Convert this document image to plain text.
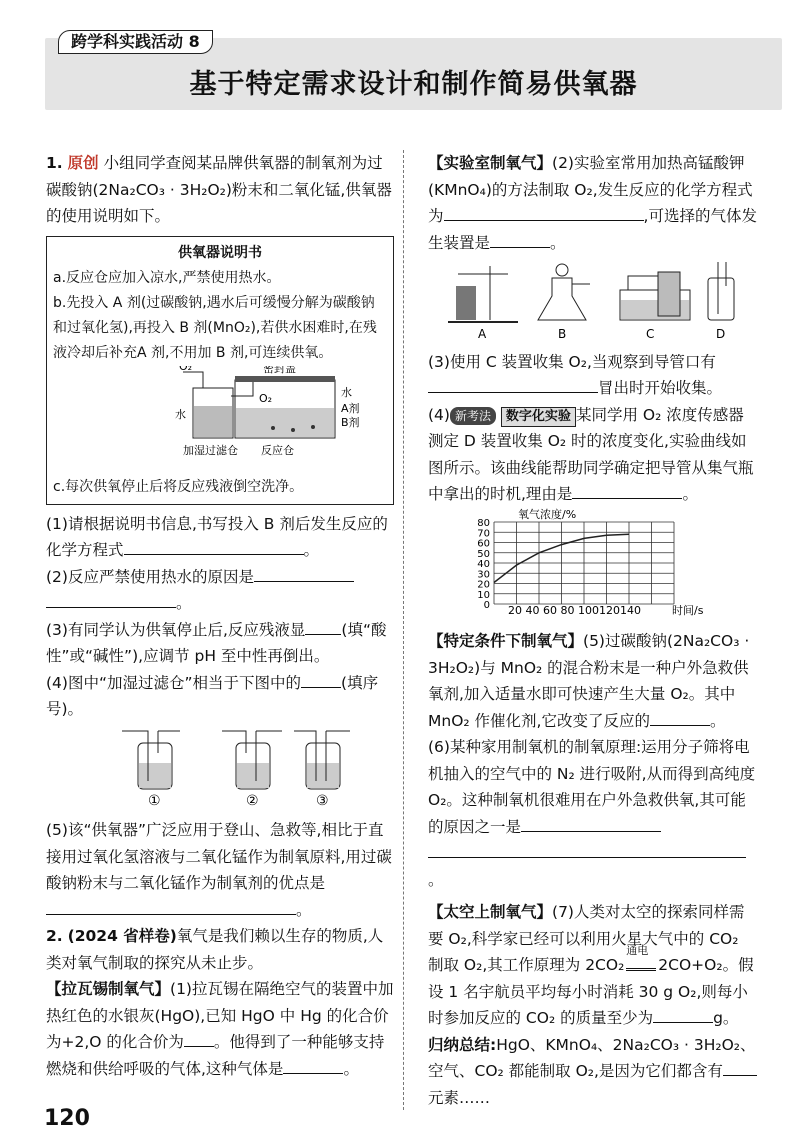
跨学科实践活动 8
基于特定需求设计和制作简易供氧器

1. 原创 小组同学查阅某品牌供氧器的制氧剂为过碳酸钠(2Na₂CO₃ · 3H₂O₂)粉末和二氧化锰,供氧器的使用说明如下。

供氧器说明书
a.反应仓应加入凉水,严禁使用热水。
b.先投入 A 剂(过碳酸钠,遇水后可缓慢分解为碳酸钠和过氧化氢),再投入 B 剂(MnO₂),若供水困难时,在残液冷却后补充A 剂,不用加 B 剂,可连续供氧。
O₂	密封盖
O₂	水
水	A剂
B剂
加湿过滤仓 反应仓
c.每次供氧停止后将反应残液倒空洗净。

(1)请根据说明书信息,书写投入 B 剂后发生反应的化学方程式	。

(2)反应严禁使用热水的原因是

。

(3)有同学认为供氧停止后,反应残液显 (填“酸性”或“碱性”),应调节 pH 至中性再倒出。

(4)图中“加湿过滤仓”相当于下图中的	(填序号)。

①	②	③

(5)该“供氧器”广泛应用于登山、急救等,相比于直接用过氧化氢溶液与二氧化锰作为制氧原料,用过碳酸钠粉末与二氧化锰作为制氧剂的优点是。

2. (2024 省样卷)氧气是我们赖以生存的物质,人类对氧气制取的探究从未止步。

【拉瓦锡制氧气】(1)拉瓦锡在隔绝空气的装置中加热红色的水银灰(HgO),已知 HgO 中 Hg 的化合价为+2,O 的化合价为 。他得到了一种能够支持燃烧和供给呼吸的气体,这种气体是	。

【实验室制氧气】(2)实验室常用加热高锰酸钾(KMnO₄)的方法制取 O₂,发生反应的化学方程式为	,可选择的气体发生装置是	。

A	B	C	D

(3)使用 C 装置收集 O₂,当观察到导管口有

冒出时开始收集。

(4) 新考法 数字化实验 某同学用 O₂ 浓度传感器测定 D 装置收集 O₂ 时的浓度变化,实验曲线如图所示。该曲线能帮助同学确定把导管从集气瓶中拿出的时机,理由是	。

氧气浓度/%
0
10
20
30
40
50
60
70
80
20 40 60 80 100120140	时间/s

【特定条件下制氧气】(5)过碳酸钠(2Na₂CO₃ · 3H₂O₂)与 MnO₂ 的混合粉末是一种户外急救供氧剂,加入适量水即可快速产生大量 O₂。其中 MnO₂ 作催化剂,它改变了反应的	。

(6)某种家用制氧机的制氧原理:运用分子筛将电机抽入的空气中的 N₂ 进行吸附,从而得到高纯度 O₂。这种制氧机很难用在户外急救供氧,其可能的原因之一是

。

【太空上制氧气】(7)人类对太空的探索同样需要 O₂,科学家已经可以利用火星大气中的 CO₂ 制取 O₂,其工作原理为 2CO₂
通电
2CO+O₂。假设 1 名宇航员平均每小时消耗 30 g O₂,则每小时参加反应的 CO₂ 的质量至少为	g。

归纳总结:HgO、KMnO₄、2Na₂CO₃ · 3H₂O₂、空气、CO₂ 都能制取 O₂,是因为它们都含有元素……

120
